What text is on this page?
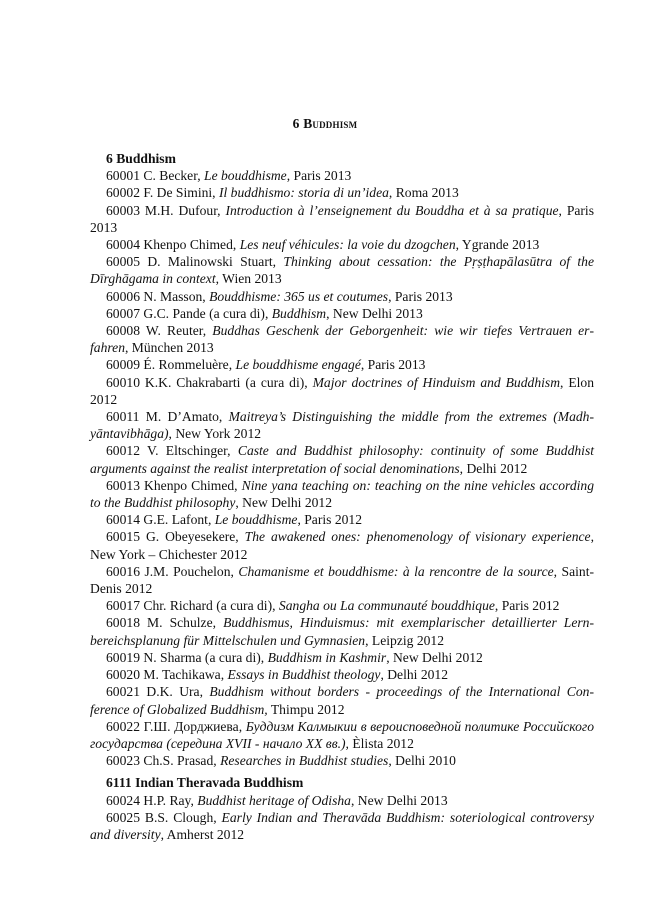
6 Buddhism

6 Buddhism

60001 C. Becker, Le bouddhisme, Paris 2013

60002 F. De Simini, Il buddhismo: storia di un’idea, Roma 2013

60003 M.H. Dufour, Introduction à l’enseignement du Bouddha et à sa pratique, Paris 2013

60004 Khenpo Chimed, Les neuf véhicules: la voie du dzogchen, Ygrande 2013

60005 D. Malinowski Stuart, Thinking about cessation: the Pṛṣṭhapālasūtra of the Dīrghāgama in context, Wien 2013

60006 N. Masson, Bouddhisme: 365 us et coutumes, Paris 2013

60007 G.C. Pande (a cura di), Buddhism, New Delhi 2013

60008 W. Reuter, Buddhas Geschenk der Geborgenheit: wie wir tiefes Vertrauen erfahren, München 2013

60009 É. Rommeluère, Le bouddhisme engagé, Paris 2013

60010 K.K. Chakrabarti (a cura di), Major doctrines of Hinduism and Buddhism, Elon 2012

60011 M. D’Amato, Maitreya’s Distinguishing the middle from the extremes (Madhyāntavibhāga), New York 2012

60012 V. Eltschinger, Caste and Buddhist philosophy: continuity of some Buddhist arguments against the realist interpretation of social denominations, Delhi 2012

60013 Khenpo Chimed, Nine yana teaching on: teaching on the nine vehicles according to the Buddhist philosophy, New Delhi 2012

60014 G.E. Lafont, Le bouddhisme, Paris 2012

60015 G. Obeyesekere, The awakened ones: phenomenology of visionary experience, New York – Chichester 2012

60016 J.M. Pouchelon, Chamanisme et bouddhisme: à la rencontre de la source, Saint-Denis 2012

60017 Chr. Richard (a cura di), Sangha ou La communauté bouddhique, Paris 2012

60018 M. Schulze, Buddhismus, Hinduismus: mit exemplarischer detaillierter Lernbereichsplanung für Mittelschulen und Gymnasien, Leipzig 2012

60019 N. Sharma (a cura di), Buddhism in Kashmir, New Delhi 2012

60020 M. Tachikawa, Essays in Buddhist theology, Delhi 2012

60021 D.K. Ura, Buddhism without borders - proceedings of the International Conference of Globalized Buddhism, Thimpu 2012

60022 Г.Ш. Дорджиева, Буддизм Калмыкии в вероисповедной политике Российского государства (середина XVII - начало XX вв.), Èlista 2012

60023 Ch.S. Prasad, Researches in Buddhist studies, Delhi 2010

6111 Indian Theravada Buddhism

60024 H.P. Ray, Buddhist heritage of Odisha, New Delhi 2013

60025 B.S. Clough, Early Indian and Theravāda Buddhism: soteriological controversy and diversity, Amherst 2012
